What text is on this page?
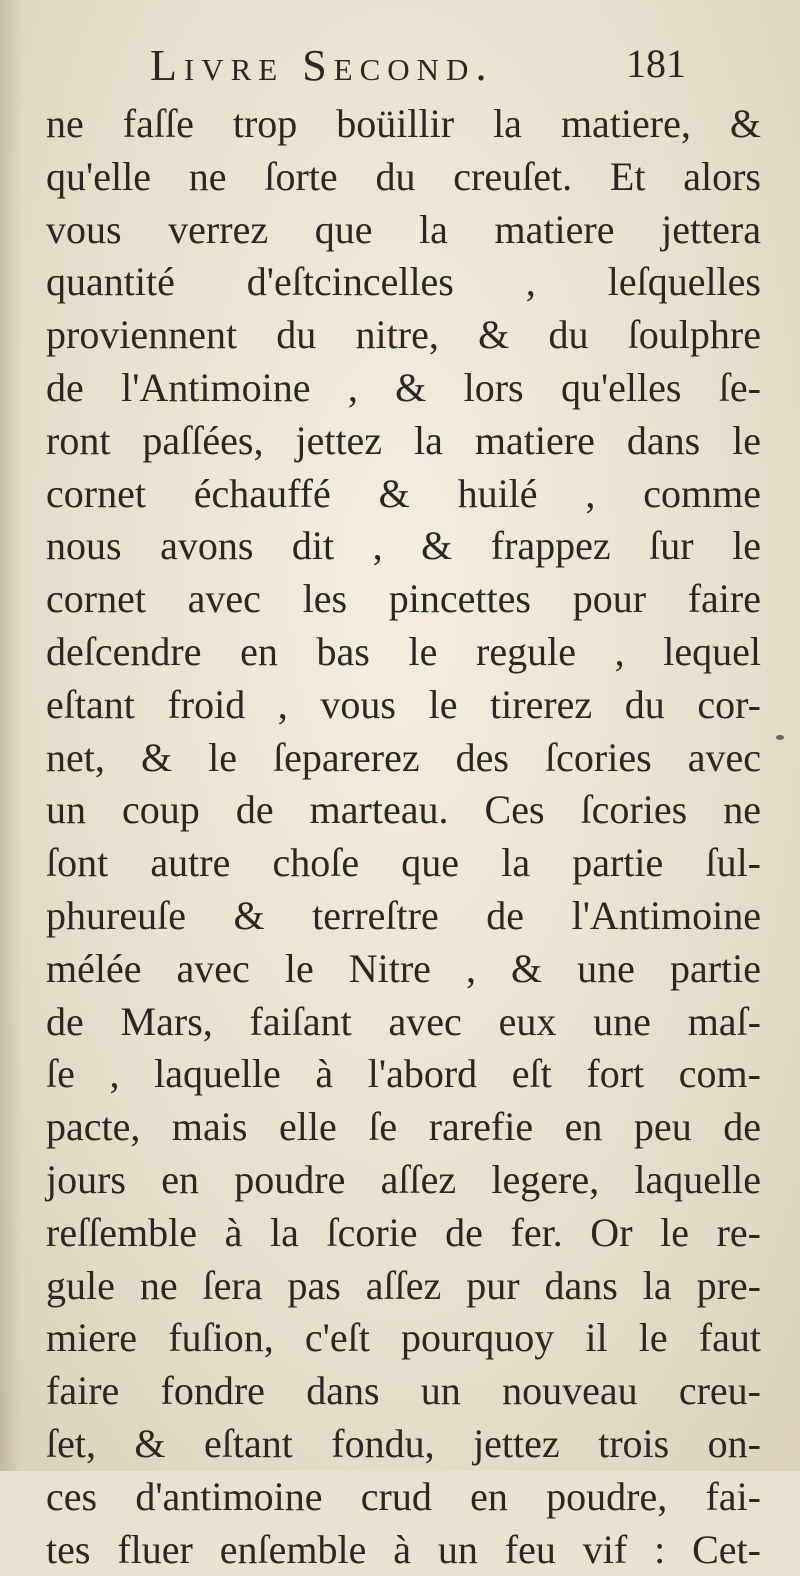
Livre Second.	181
ne faſſe trop boüillir la matiere, &
qu'elle ne ſorte du creuſet. Et alors
vous verrez que la matiere jettera
quantité d'eſtcincelles , leſquelles
proviennent du nitre, & du ſoulphre
de l'Antimoine , & lors qu'elles ſe-
ront paſſées, jettez la matiere dans le
cornet échauffé & huilé , comme
nous avons dit , & frappez ſur le
cornet avec les pincettes pour faire
deſcendre en bas le regule , lequel
eſtant froid , vous le tirerez du cor-
net, & le ſeparerez des ſcories avec
un coup de marteau. Ces ſcories ne
ſont autre choſe que la partie ſul-
phureuſe & terreſtre de l'Antimoine
mélée avec le Nitre , & une partie
de Mars, faiſant avec eux une maſ-
ſe , laquelle à l'abord eſt fort com-
pacte, mais elle ſe rarefie en peu de
jours en poudre aſſez legere, laquelle
reſſemble à la ſcorie de fer. Or le re-
gule ne ſera pas aſſez pur dans la pre-
miere fuſion, c'eſt pourquoy il le faut
faire fondre dans un nouveau creu-
ſet, & eſtant fondu, jettez trois on-
ces d'antimoine crud en poudre, fai-
tes fluer enſemble à un feu vif : Cet-
